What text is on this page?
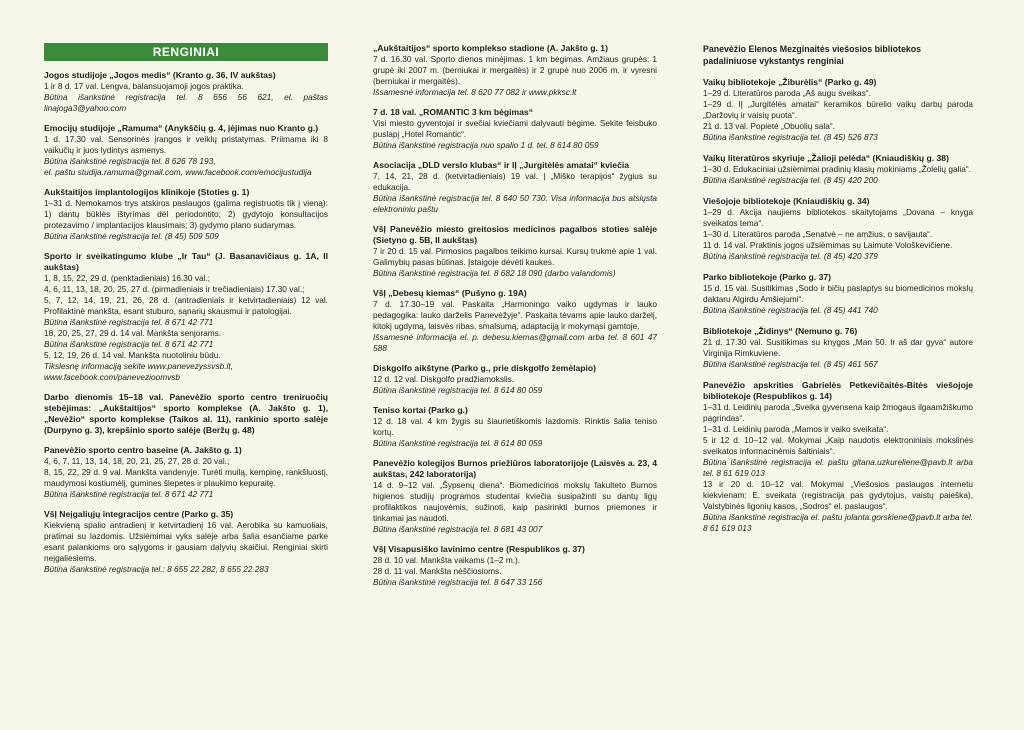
RENGINIAI

Jogos studijoje „Jogos medis“ (Kranto g. 36, IV aukštas)

1 ir 8 d. 17 val. Lengva, balansuojamoji jogos praktika.

Būtina išankstinė registracija tel. 8 656 56 621, el. paštas linajoga3@yahoo.com

Emocijų studijoje „Ramuma“ (Anykščių g. 4, įėjimas nuo Kranto g.)

1 d. 17.30 val. Sensorinės įrangos ir veiklų pristatymas. Priimama iki 8 vaikučių ir juos lydintys asmenys.

Būtina išankstinė registracija tel. 8 626 78 193,

el. paštu studija.ramuma@gmail.com, www.facebook.com/emocijustudija

Aukštaitijos implantologijos klinikoje (Stoties g. 1)

1–31 d. Nemokamos trys atskiros paslaugos (galima registruotis tik į vieną): 1) dantų būklės ištyrimas dėl periodontito; 2) gydytojo konsultacijos protezavimo / implantacijos klausimais; 3) gydymo plano sudarymas.

Būtina išankstinė registracija tel. (8 45) 509 509

Sporto ir sveikatingumo klube „Ir Tau“ (J. Basanavičiaus g. 1A, II aukštas)

1, 8, 15, 22, 29 d. (penktadieniais) 16.30 val.;

4, 6, 11, 13, 18, 20, 25, 27 d. (pirmadieniais ir trečiadieniais) 17.30 val.;

5, 7, 12, 14, 19, 21, 26, 28 d. (antradieniais ir ketvirtadieniais) 12 val. Profilaktinė mankšta, esant stuburo, sąnarių skausmui ir patologijai.

Būtina išankstinė registracija tel. 8 671 42 771

18, 20, 25, 27, 29 d. 14 val. Mankšta senjorams.

Būtina išankstinė registracija tel. 8 671 42 771

5, 12, 19, 26 d. 14 val. Mankšta nuotoliniu būdu.

Tikslesnę informaciją sekite www.panevezyssvsb.lt,

www.facebook.com/panevezioomvsb

Darbo dienomis 15–18 val. Panevėžio sporto centro treniruočių stebėjimas: „Aukštaitijos“ sporto komplekse (A. Jakšto g. 1), „Nevėžio“ sporto komplekse (Taikos al. 11), rankinio sporto salėje (Durpyno g. 3), krepšinio sporto salėje (Beržų g. 48)

Panevėžio sporto centro baseine (A. Jakšto g. 1)

4, 6, 7, 11, 13, 14, 18, 20, 21, 25, 27, 28 d. 20 val.;

8, 15, 22, 29 d. 9 val. Mankšta vandenyje. Turėti muilą, kempinę, rankšluostį, maudymosi kostiumėlį, gumines šlepetes ir plaukimo kepuraitę.

Būtina išankstinė registracija tel. 8 671 42 771

VšĮ Neįgaliųjų integracijos centre (Parko g. 35)

Kiekvieną spalio antradienį ir ketvirtadienį 16 val. Aerobika su kamuoliais, pratimai su lazdomis. Užsiėmimai vyks salėje arba šalia esančiame parke esant palankioms oro sąlygoms ir gausiam dalyvių skaičiui. Renginiai skirti neįgaliesiems.

Būtina išankstinė registracija tel.: 8 655 22 282, 8 655 22 283

„Aukštaitijos“ sporto komplekso stadione (A. Jakšto g. 1)

7 d. 16.30 val. Sporto dienos minėjimas. 1 km bėgimas. Amžiaus grupės: 1 grupė iki 2007 m. (berniukai ir mergaitės) ir 2 grupė nuo 2006 m. ir vyresni (berniukai ir mergaitės).

Išsamesnė informacija tel. 8 620 77 082 ir www.pkksc.lt

7 d. 18 val. „ROMANTIC 3 km bėgimas“

Visi miesto gyventojai ir svečiai kviečiami dalyvauti bėgime. Sekite feisbuko puslapį „Hotel Romantic“.

Būtina išankstinė registracija nuo spalio 1 d. tel. 8 614 80 059

Asociacija „DLD verslo klubas“ ir IĮ „Jurgitėlės amatai“ kviečia

7, 14, 21, 28 d. (ketvirtadieniais) 19 val. | „Miško terapijos“ žygius su edukacija.

Būtina išankstinė registracija tel. 8 640 50 730. Visa informacija bus atsiųsta elektroniniu paštu

VšĮ Panevėžio miesto greitosios medicinos pagalbos stoties salėje (Sietyno g. 5B, II aukštas)

7 ir 20 d. 15 val. Pirmosios pagalbos teikimo kursai. Kursų trukmė apie 1 val. Galimybių pasas būtinas. Įstaigoje dėvėti kaukes.

Būtina išankstinė registracija tel. 8 682 18 090 (darbo valandomis)

VšĮ „Debesų kiemas“ (Pušyno g. 19A)

7 d. 17.30–19 val. Paskaita „Harmoningo vaiko ugdymas ir lauko pedagogika: lauko darželis Panevėžyje“. Paskaita tėvams apie lauko darželį, kitokį ugdymą, laisvės ribas, smalsumą, adaptaciją ir mokymąsi gamtoje.

Išsamesnė informacija el. p. debesu.kiemas@gmail.com arba tel. 8 601 47 588

Diskgolfo aikštyne (Parko g., prie diskgolfo žemėlapio)

12 d. 12 val. Diskgolfo pradžiamokslis.

Būtina išankstinė registracija tel. 8 614 80 059

Teniso kortai (Parko g.)

12 d. 18 val. 4 km žygis su šiaurietiškomis lazdomis. Rinktis šalia teniso kortų.

Būtina išankstinė registracija tel. 8 614 80 059

Panevėžio kolegijos Burnos priežiūros laboratorijoje (Laisvės a. 23, 4 aukštas, 242 laboratorija)

14 d. 9–12 val. „Šypsenų diena“. Biomedicinos mokslų fakulteto Burnos higienos studijų programos studentai kviečia susipažinti su dantų ligų profilaktikos naujovėmis, sužinoti, kaip pasirinkti burnos priemones ir tinkamai jas naudoti.

Būtina išankstinė registracija tel. 8 681 43 007

VšĮ Visapusiško lavinimo centre (Respublikos g. 37)

28 d. 10 val. Mankšta vaikams (1–2 m.).

28 d. 11 val. Mankšta nėščiosioms.

Būtina išankstinė registracija tel. 8 647 33 156

Panevėžio Elenos Mezginaitės viešosios bibliotekos padaliniuose vykstantys renginiai

Vaikų bibliotekoje „Žiburėlis“ (Parko g. 49)

1–29 d. Literatūros paroda „Aš augu sveikas“.

1–29 d. IĮ „Jurgitėlės amatai“ keramikos būrelio vaikų darbų paroda „Daržovių ir vaisių puota“.

21 d. 13 val. Popietė „Obuolių sala“.

Būtina išankstinė registracija tel. (8 45) 526 873

Vaikų literatūros skyriuje „Žalioji pelėda“ (Kniaudiškių g. 38)

1–30 d. Edukaciniai užsiėmimai pradinių klasių mokiniams „Žolelių galia“.

Būtina išankstinė registracija tel. (8 45) 420 200

Viešojoje bibliotekoje (Kniaudiškių g. 34)

1–29 d. Akcija naujiems bibliotekos skaitytojams „Dovana – knyga sveikatos tema“.

1–30 d. Literatūros paroda „Senatvė – ne amžius, o savijauta“.

11 d. 14 val. Praktinis jogos užsiėmimas su Laimute Vološkevičiene.

Būtina išankstinė registracija tel. (8 45) 420 379

Parko bibliotekoje (Parko g. 37)

15 d. 15 val. Susitikimas „Sodo ir bičių paslaptys su biomedicinos mokslų daktaru Algirdu Amšiejumi“.

Būtina išankstinė registracija tel. (8 45) 441 740

Bibliotekoje „Židinys“ (Nemuno g. 76)

21 d. 17.30 val. Susitikimas su knygos „Man 50. Ir aš dar gyva“ autore Virginija Rimkuviene.

Būtina išankstinė registracija tel. (8 45) 461 567

Panevėžio apskrities Gabrielės Petkevičaitės-Bitės viešojoje bibliotekoje (Respublikos g. 14)

1–31 d. Leidinių paroda „Sveika gyvensena kaip žmogaus ilgaamžiškumo pagrindas“.

1–31 d. Leidinių paroda „Mamos ir vaiko sveikata“.

5 ir 12 d. 10–12 val. Mokymai „Kaip naudotis elektroniniais mokslinės sveikatos informacinėmis šaltiniais“.

Būtina išankstinė registracija el. paštu gitana.uzkureliene@pavb.lt arba tel. 8 61 619 013

13 ir 20 d. 10–12 val. Mokymai „Viešosios paslaugos internetu kiekvienam: E. sveikata (registracija pas gydytojus, vaistų paieška), Valstybinės ligonių kasos, „Sodros“ el. paslaugos“.

Būtina išankstinė registracija el. paštu jolanta.gorskiene@pavb.lt arba tel. 8 61 619 013
